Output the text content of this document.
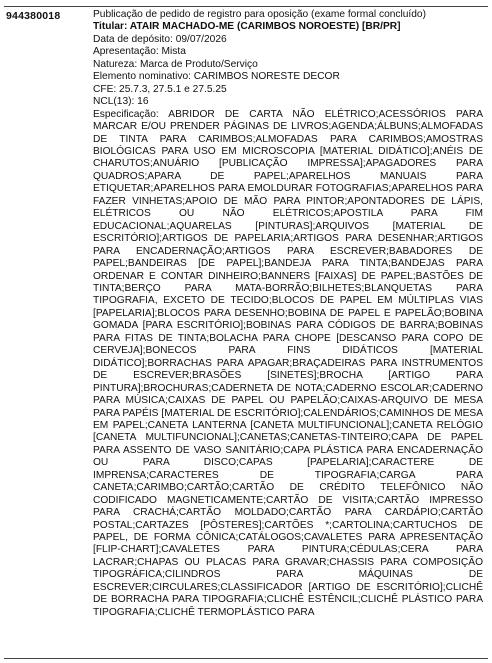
944380018	Publicação de pedido de registro para oposição (exame formal concluído)
Titular: ATAIR MACHADO-ME (CARIMBOS NOROESTE) [BR/PR]
Data de depósito: 09/07/2026
Apresentação: Mista
Natureza: Marca de Produto/Serviço
Elemento nominativo: CARIMBOS NORESTE DECOR
CFE: 25.7.3, 27.5.1 e 27.5.25
NCL(13): 16
Especificação: ABRIDOR DE CARTA NÃO ELÉTRICO;ACESSÓRIOS PARA MARCAR E/OU PRENDER PÁGINAS DE LIVROS;AGENDA;ÁLBUNS;ALMOFADAS DE TINTA PARA CARIMBOS;ALMOFADAS PARA CARIMBOS;AMOSTRAS BIOLÓGICAS PARA USO EM MICROSCOPIA [MATERIAL DIDÁTICO];ANÉIS DE CHARUTOS;ANUÁRIO [PUBLICAÇÃO IMPRESSA];APAGADORES PARA QUADROS;APARA DE PAPEL;APARELHOS MANUAIS PARA ETIQUETAR;APARELHOS PARA EMOLDURAR FOTOGRAFIAS;APARELHOS PARA FAZER VINHETAS;APOIO DE MÃO PARA PINTOR;APONTADORES DE LÁPIS, ELÉTRICOS OU NÃO ELÉTRICOS;APOSTILA PARA FIM EDUCACIONAL;AQUARELAS [PINTURAS];ARQUIVOS [MATERIAL DE ESCRITÓRIO];ARTIGOS DE PAPELARIA;ARTIGOS PARA DESENHAR;ARTIGOS PARA ENCADERNAÇÃO;ARTIGOS PARA ESCREVER;BABADORES DE PAPEL;BANDEIRAS [DE PAPEL];BANDEJA PARA TINTA;BANDEJAS PARA ORDENAR E CONTAR DINHEIRO;BANNERS [FAIXAS] DE PAPEL;BASTÕES DE TINTA;BERÇO PARA MATA-BORRÃO;BILHETES;BLANQUETAS PARA TIPOGRAFIA, EXCETO DE TECIDO;BLOCOS DE PAPEL EM MÚLTIPLAS VIAS [PAPELARIA];BLOCOS PARA DESENHO;BOBINA DE PAPEL E PAPELÃO;BOBINA GOMADA [PARA ESCRITÓRIO];BOBINAS PARA CÓDIGOS DE BARRA;BOBINAS PARA FITAS DE TINTA;BOLACHA PARA CHOPE [DESCANSO PARA COPO DE CERVEJA];BONECOS PARA FINS DIDÁTICOS [MATERIAL DIDÁTICO];BORRACHAS PARA APAGAR;BRAÇADEIRAS PARA INSTRUMENTOS DE ESCREVER;BRASÕES [SINETES];BROCHA [ARTIGO PARA PINTURA];BROCHURAS;CADERNETA DE NOTA;CADERNO ESCOLAR;CADERNO PARA MÚSICA;CAIXAS DE PAPEL OU PAPELÃO;CAIXAS-ARQUIVO DE MESA PARA PAPÉIS [MATERIAL DE ESCRITÓRIO];CALENDÁRIOS;CAMINHOS DE MESA EM PAPEL;CANETA LANTERNA [CANETA MULTIFUNCIONAL];CANETA RELÓGIO [CANETA MULTIFUNCIONAL];CANETAS;CANETAS-TINTEIRO;CAPA DE PAPEL PARA ASSENTO DE VASO SANITÁRIO;CAPA PLÁSTICA PARA ENCADERNAÇÃO OU PARA DISCO;CAPAS [PAPELARIA];CARACTERE DE IMPRENSA;CARACTERES DE TIPOGRAFIA;CARGA PARA CANETA;CARIMBO;CARTÃO;CARTÃO DE CRÉDITO TELEFÔNICO NÃO CODIFICADO MAGNETICAMENTE;CARTÃO DE VISITA;CARTÃO IMPRESSO PARA CRACHÁ;CARTÃO MOLDADO;CARTÃO PARA CARDÁPIO;CARTÃO POSTAL;CARTAZES [PÔSTERES];CARTÕES *;CARTOLINA;CARTUCHOS DE PAPEL, DE FORMA CÔNICA;CATÁLOGOS;CAVALETES PARA APRESENTAÇÃO [FLIP-CHART];CAVALETES PARA PINTURA;CÉDULAS;CERA PARA LACRAR;CHAPAS OU PLACAS PARA GRAVAR;CHASSIS PARA COMPOSIÇÃO TIPOGRÁFICA;CILINDROS PARA MÁQUINAS DE ESCREVER;CIRCULARES;CLASSIFICADOR [ARTIGO DE ESCRITÓRIO];CLICHÊ DE BORRACHA PARA TIPOGRAFIA;CLICHÊ ESTÊNCIL;CLICHÊ PLÁSTICO PARA TIPOGRAFIA;CLICHÊ TERMOPLÁSTICO PARA
